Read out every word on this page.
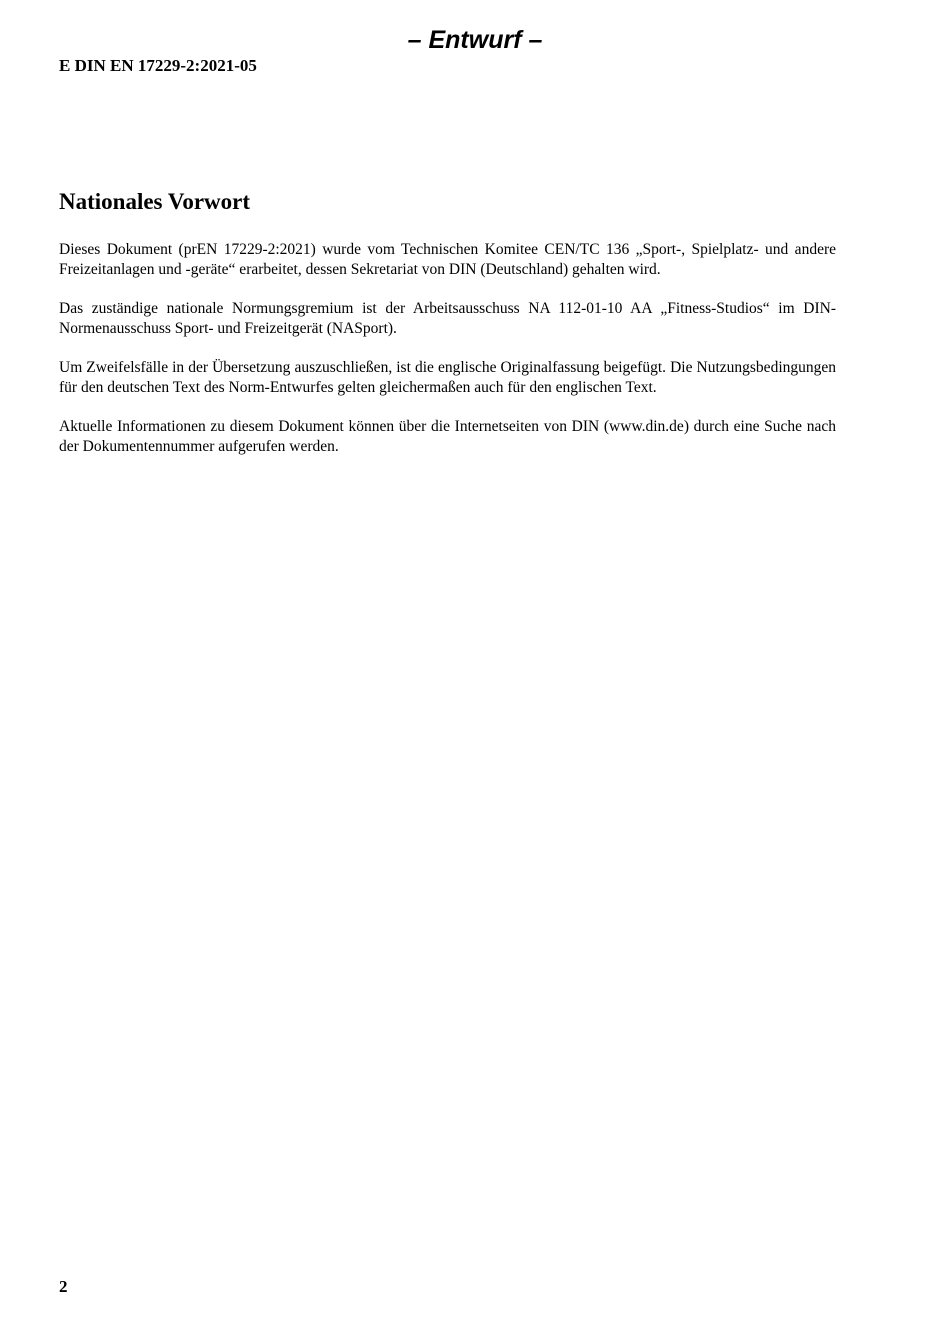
– Entwurf –
E DIN EN 17229-2:2021-05
Nationales Vorwort

Dieses Dokument (prEN 17229-2:2021) wurde vom Technischen Komitee CEN/TC 136 „Sport-, Spielplatz- und andere Freizeitanlagen und -geräte“ erarbeitet, dessen Sekretariat von DIN (Deutschland) gehalten wird.

Das zuständige nationale Normungsgremium ist der Arbeitsausschuss NA 112-01-10 AA „Fitness-Studios“ im DIN-Normenausschuss Sport- und Freizeitgerät (NASport).

Um Zweifelsfälle in der Übersetzung auszuschließen, ist die englische Originalfassung beigefügt. Die Nutzungsbedingungen für den deutschen Text des Norm-Entwurfes gelten gleichermaßen auch für den englischen Text.

Aktuelle Informationen zu diesem Dokument können über die Internetseiten von DIN (www.din.de) durch eine Suche nach der Dokumentennummer aufgerufen werden.

2
